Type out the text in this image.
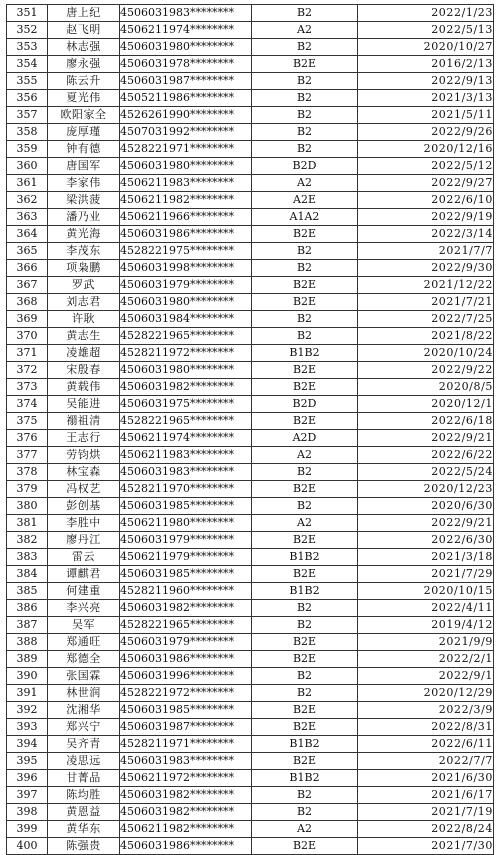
351	唐上纪	4506031983********	B2	2022/1/23
352	赵飞明	4506211974********	A2	2022/5/13
353	林志强	4506031980********	B2	2020/10/27
354	廖永强	4506031978********	B2E	2016/2/13
355	陈云升	4506031987********	B2	2022/9/13
356	夏光伟	4505211986********	B2	2021/3/13
357	欧阳家全	4526261990********	B2	2021/5/11
358	庞厚瑾	4507031992********	B2	2022/9/26
359	钟有德	4528221971********	B2	2020/12/16
360	唐国军	4506031980********	B2D	2022/5/12
361	李家伟	4506211983********	A2	2022/9/27
362	梁洪菠	4506211982********	A2E	2022/6/10
363	潘乃业	4506211966********	A1A2	2022/9/19
364	黄光海	4506031986********	B2E	2022/3/14
365	李茂东	4528221975********	B2	2021/7/7
366	项枭鹏	4506031998********	B2	2022/9/30
367	罗武	4506031979********	B2E	2021/12/22
368	刘志君	4506031980********	B2E	2021/7/21
369	许耿	4506031984********	B2	2022/7/25
370	黄志生	4528221965********	B2	2021/8/22
371	凌雄超	4528211972********	B1B2	2020/10/24
372	宋殷春	4506031980********	B2E	2022/9/22
373	黄载伟	4506031982********	B2E	2020/8/5
374	吴能进	4506031975********	B2D	2020/12/1
375	禤祖清	4528221965********	B2E	2022/6/18
376	王志行	4506211974********	A2D	2022/9/21
377	劳钧烘	4506211983********	A2	2022/6/22
378	林宝森	4506031983********	B2	2022/5/24
379	冯权艺	4528211970********	B2E	2020/12/23
380	彭创基	4506031985********	B2	2020/6/30
381	李胜中	4506211980********	A2	2022/9/21
382	廖丹江	4506031979********	B2E	2022/6/30
383	雷云	4506211979********	B1B2	2021/3/18
384	谭麒君	4506031985********	B2E	2021/7/29
385	何建重	4528211960********	B1B2	2020/10/15
386	李兴亮	4506031982********	B2	2022/4/11
387	吴军	4528221965********	B2	2019/4/12
388	郑通旺	4506031979********	B2E	2021/9/9
389	郑德全	4506031986********	B2E	2022/2/1
390	张国霖	4506031996********	B2	2022/9/1
391	林世润	4528221972********	B2	2020/12/29
392	沈湘华	4506031985********	B2E	2022/3/9
393	郑兴宁	4506031987********	B2E	2022/8/31
394	吴齐青	4528211971********	B1B2	2022/6/11
395	凌思远	4506031983********	B2E	2022/7/7
396	甘菁品	4506211972********	B1B2	2021/6/30
397	陈均胜	4506031982********	B2	2021/6/17
398	黄恩益	4506031982********	B2	2021/7/19
399	黄华东	4506211982********	A2	2022/8/24
400	陈强贵	4506031986********	B2E	2021/7/30
